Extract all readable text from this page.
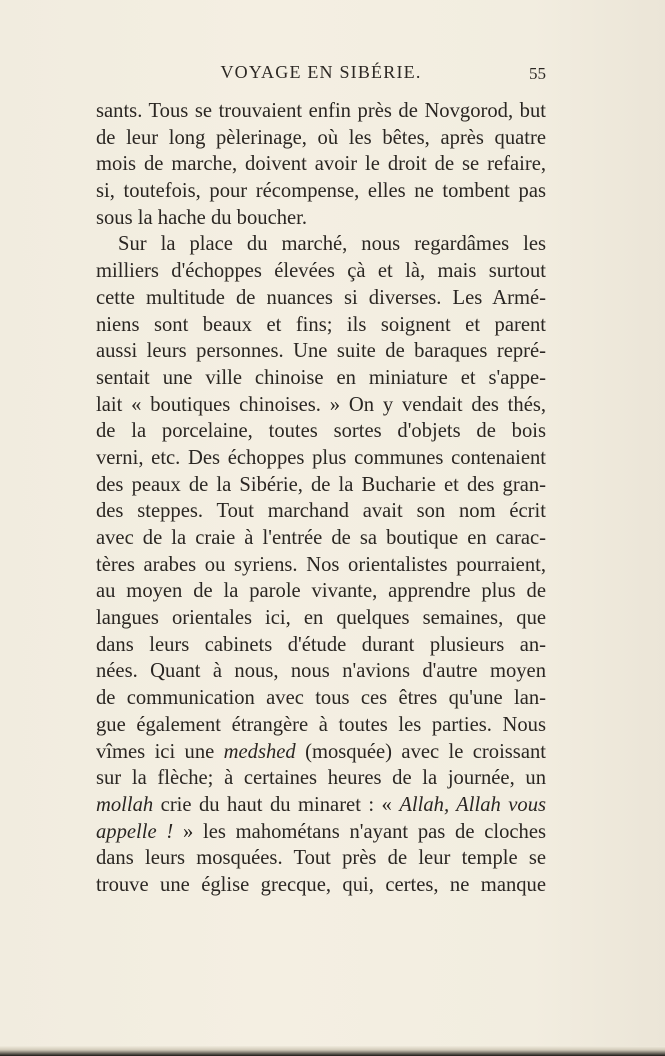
VOYAGE EN SIBÉRIE.	55
sants. Tous se trouvaient enfin près de Novgorod, but
de leur long pèlerinage, où les bêtes, après quatre
mois de marche, doivent avoir le droit de se refaire,
si, toutefois, pour récompense, elles ne tombent pas
sous la hache du boucher.
Sur la place du marché, nous regardâmes les
milliers d'échoppes élevées çà et là, mais surtout
cette multitude de nuances si diverses. Les Armé-
niens sont beaux et fins; ils soignent et parent
aussi leurs personnes. Une suite de baraques repré-
sentait une ville chinoise en miniature et s'appe-
lait « boutiques chinoises. » On y vendait des thés,
de la porcelaine, toutes sortes d'objets de bois
verni, etc. Des échoppes plus communes contenaient
des peaux de la Sibérie, de la Bucharie et des gran-
des steppes. Tout marchand avait son nom écrit
avec de la craie à l'entrée de sa boutique en carac-
tères arabes ou syriens. Nos orientalistes pourraient,
au moyen de la parole vivante, apprendre plus de
langues orientales ici, en quelques semaines, que
dans leurs cabinets d'étude durant plusieurs an-
nées. Quant à nous, nous n'avions d'autre moyen
de communication avec tous ces êtres qu'une lan-
gue également étrangère à toutes les parties. Nous
vîmes ici une medshed (mosquée) avec le croissant
sur la flèche; à certaines heures de la journée, un
mollah crie du haut du minaret : « Allah, Allah vous
appelle ! » les mahométans n'ayant pas de cloches
dans leurs mosquées. Tout près de leur temple se
trouve une église grecque, qui, certes, ne manque
